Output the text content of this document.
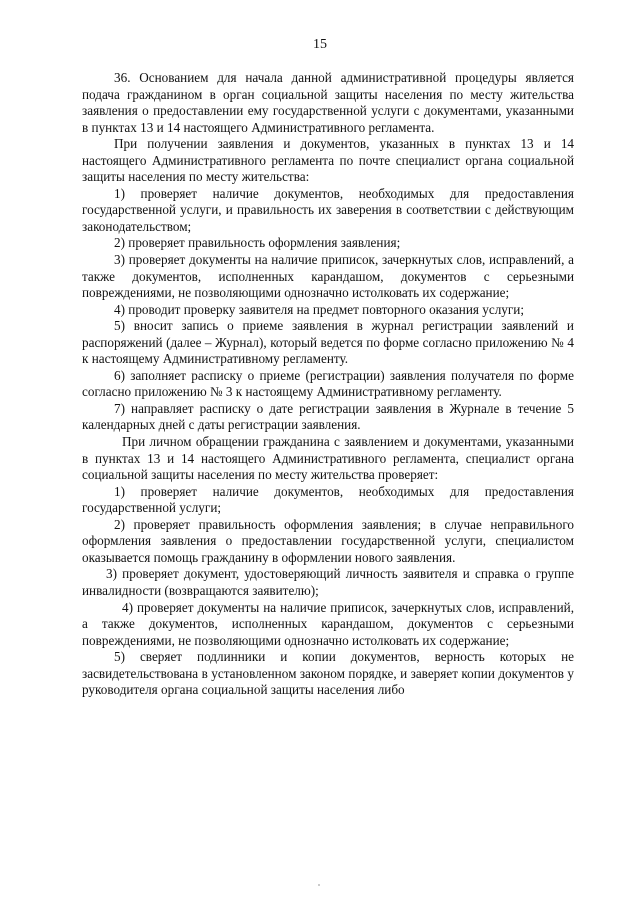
15

36. Основанием для начала данной административной процедуры является подача гражданином в орган социальной защиты населения по месту жительства заявления о предоставлении ему государственной услуги с документами, указанными в пунктах 13 и 14 настоящего Административного регламента.

При получении заявления и документов, указанных в пунктах 13 и 14 настоящего Административного регламента по почте специалист органа социальной защиты населения по месту жительства:

1) проверяет наличие документов, необходимых для предоставления государственной услуги, и правильность их заверения в соответствии с действующим законодательством;

2) проверяет правильность оформления заявления;

3) проверяет документы на наличие приписок, зачеркнутых слов, исправлений, а также документов, исполненных карандашом, документов с серьезными повреждениями, не позволяющими однозначно истолковать их содержание;

4) проводит проверку заявителя на предмет повторного оказания услуги;

5) вносит запись о приеме заявления в журнал регистрации заявлений и распоряжений (далее – Журнал), который ведется по форме согласно приложению № 4 к настоящему Административному регламенту.

6) заполняет расписку о приеме (регистрации) заявления получателя по форме согласно приложению № 3 к настоящему Административному регламенту.

7) направляет расписку о дате регистрации заявления в Журнале в течение 5 календарных дней с даты регистрации заявления.

При личном обращении гражданина с заявлением и документами, указанными в пунктах 13 и 14 настоящего Административного регламента, специалист органа социальной защиты населения по месту жительства проверяет:

1) проверяет наличие документов, необходимых для предоставления государственной услуги;

2) проверяет правильность оформления заявления; в случае неправильного оформления заявления о предоставлении государственной услуги, специалистом оказывается помощь гражданину в оформлении нового заявления.

3) проверяет документ, удостоверяющий личность заявителя и справка о группе инвалидности (возвращаются заявителю);

4) проверяет документы на наличие приписок, зачеркнутых слов, исправлений, а также документов, исполненных карандашом, документов с серьезными повреждениями, не позволяющими однозначно истолковать их содержание;

5) сверяет подлинники и копии документов, верность которых не засвидетельствована в установленном законом порядке, и заверяет копии документов у руководителя органа социальной защиты населения либо
